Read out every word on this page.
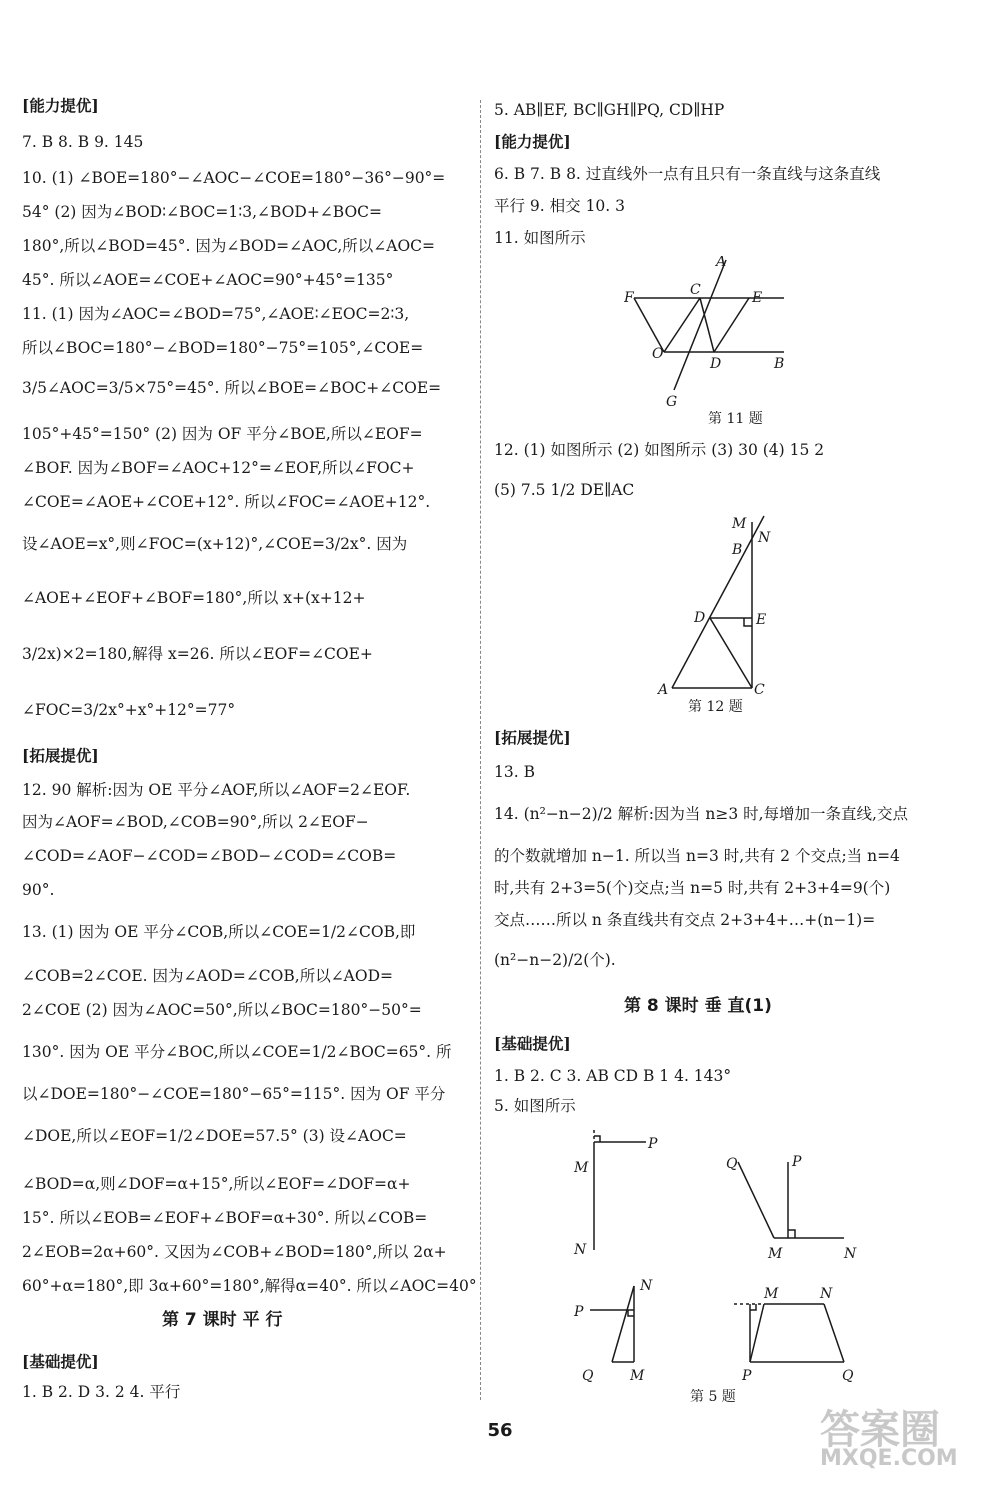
[能力提优]
7. B 8. B 9. 145
10. (1) ∠BOE=180°−∠AOC−∠COE=180°−36°−90°=
54° (2) 因为∠BOD∶∠BOC=1∶3,∠BOD+∠BOC=
180°,所以∠BOD=45°. 因为∠BOD=∠AOC,所以∠AOC=
45°. 所以∠AOE=∠COE+∠AOC=90°+45°=135°
11. (1) 因为∠AOC=∠BOD=75°,∠AOE∶∠EOC=2∶3,
所以∠BOC=180°−∠BOD=180°−75°=105°,∠COE=
3/5∠AOC=3/5×75°=45°. 所以∠BOE=∠BOC+∠COE=
105°+45°=150° (2) 因为 OF 平分∠BOE,所以∠EOF=
∠BOF. 因为∠BOF=∠AOC+12°=∠EOF,所以∠FOC+
∠COE=∠AOE+∠COE+12°. 所以∠FOC=∠AOE+12°.
设∠AOE=x°,则∠FOC=(x+12)°,∠COE=3/2x°. 因为
∠AOE+∠EOF+∠BOF=180°,所以 x+(x+12+
3/2x)×2=180,解得 x=26. 所以∠EOF=∠COE+
∠FOC=3/2x°+x°+12°=77°
[拓展提优]
12. 90 解析:因为 OE 平分∠AOF,所以∠AOF=2∠EOF.
因为∠AOF=∠BOD,∠COB=90°,所以 2∠EOF−
∠COD=∠AOF−∠COD=∠BOD−∠COD=∠COB=
90°.
13. (1) 因为 OE 平分∠COB,所以∠COE=1/2∠COB,即
∠COB=2∠COE. 因为∠AOD=∠COB,所以∠AOD=
2∠COE (2) 因为∠AOC=50°,所以∠BOC=180°−50°=
130°. 因为 OE 平分∠BOC,所以∠COE=1/2∠BOC=65°. 所
以∠DOE=180°−∠COE=180°−65°=115°. 因为 OF 平分
∠DOE,所以∠EOF=1/2∠DOE=57.5° (3) 设∠AOC=
∠BOD=α,则∠DOF=α+15°,所以∠EOF=∠DOF=α+
15°. 所以∠EOB=∠EOF+∠BOF=α+30°. 所以∠COB=
2∠EOB=2α+60°. 又因为∠COB+∠BOD=180°,所以 2α+
60°+α=180°,即 3α+60°=180°,解得α=40°. 所以∠AOC=40°
第 7 课时 平 行
[基础提优]
1. B 2. D 3. 2 4. 平行
5. AB∥EF, BC∥GH∥PQ, CD∥HP
[能力提优]
6. B 7. B 8. 过直线外一点有且只有一条直线与这条直线
平行 9. 相交 10. 3
11. 如图所示
A
F	C	E
O
D	B
G
第 11 题
12. (1) 如图所示 (2) 如图所示 (3) 30 (4) 15 2
(5) 7.5 1/2 DE∥AC
M
N
B
D	E
A	C
第 12 题
[拓展提优]
13. B
14. (n²−n−2)/2 解析:因为当 n≥3 时,每增加一条直线,交点
的个数就增加 n−1. 所以当 n=3 时,共有 2 个交点;当 n=4
时,共有 2+3=5(个)交点;当 n=5 时,共有 2+3+4=9(个)
交点……所以 n 条直线共有交点 2+3+4+…+(n−1)=
(n²−n−2)/2(个).
第 8 课时 垂 直(1)
[基础提优]
1. B 2. C 3. AB CD B 1 4. 143°
5. 如图所示
P
M
N
Q	P
M	N
P
N
Q	M
M	N
P	Q
第 5 题
56	答案圈
MXQE.COM
